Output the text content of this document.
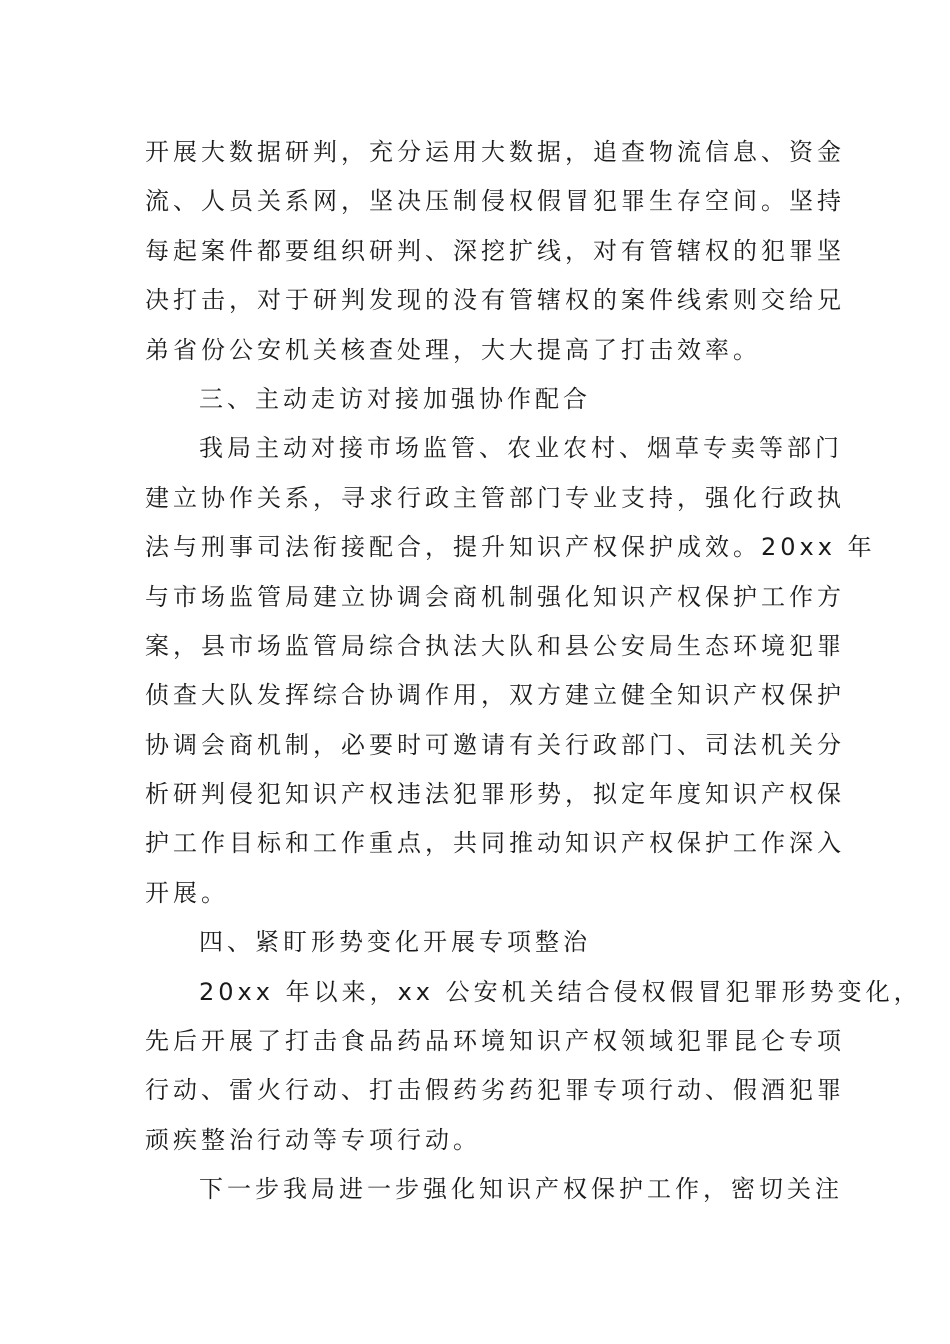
开展大数据研判，充分运用大数据，追查物流信息、资金
流、人员关系网，坚决压制侵权假冒犯罪生存空间。坚持
每起案件都要组织研判、深挖扩线，对有管辖权的犯罪坚
决打击，对于研判发现的没有管辖权的案件线索则交给兄
弟省份公安机关核查处理，大大提高了打击效率。
三、主动走访对接加强协作配合
我局主动对接市场监管、农业农村、烟草专卖等部门
建立协作关系，寻求行政主管部门专业支持，强化行政执
法与刑事司法衔接配合，提升知识产权保护成效。20xx 年
与市场监管局建立协调会商机制强化知识产权保护工作方
案，县市场监管局综合执法大队和县公安局生态环境犯罪
侦查大队发挥综合协调作用，双方建立健全知识产权保护
协调会商机制，必要时可邀请有关行政部门、司法机关分
析研判侵犯知识产权违法犯罪形势，拟定年度知识产权保
护工作目标和工作重点，共同推动知识产权保护工作深入
开展。
四、紧盯形势变化开展专项整治
20xx 年以来，xx 公安机关结合侵权假冒犯罪形势变化，
先后开展了打击食品药品环境知识产权领域犯罪昆仑专项
行动、雷火行动、打击假药劣药犯罪专项行动、假酒犯罪
顽疾整治行动等专项行动。
下一步我局进一步强化知识产权保护工作，密切关注
